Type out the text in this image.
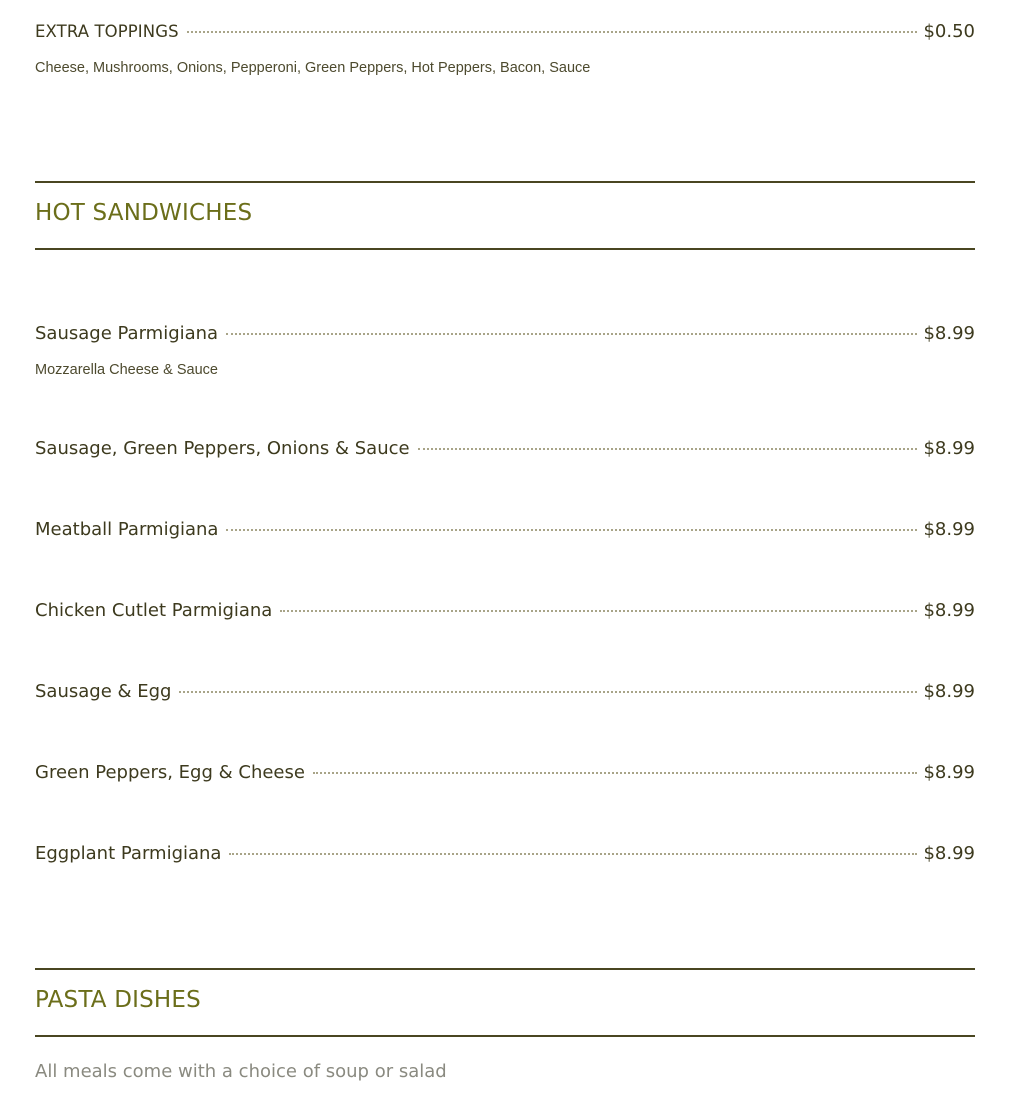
EXTRA TOPPINGS	$0.50
Cheese, Mushrooms, Onions, Pepperoni, Green Peppers, Hot Peppers, Bacon, Sauce
HOT SANDWICHES
Sausage Parmigiana	$8.99
Mozzarella Cheese & Sauce
Sausage, Green Peppers, Onions & Sauce	$8.99
Meatball Parmigiana	$8.99
Chicken Cutlet Parmigiana	$8.99
Sausage & Egg	$8.99
Green Peppers, Egg & Cheese	$8.99
Eggplant Parmigiana	$8.99
PASTA DISHES
All meals come with a choice of soup or salad
